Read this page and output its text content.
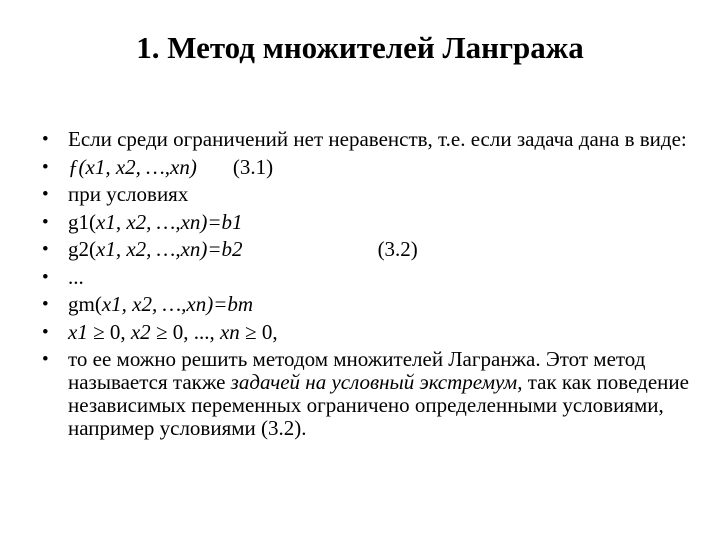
1. Метод множителей Лангража
• Если среди ограничений нет неравенств, т.е. если задача дана в виде:
• ƒ(x1, x2, …,xn) (3.1)
• при условиях
• g1(x1, x2, …,xn)=b1
• g2(x1, x2, …,xn)=b2	(3.2)
• ...
• gm(x1, x2, …,xn)=bm
• x1 ≥ 0, x2 ≥ 0, ..., xn ≥ 0,
• то ее можно решить методом множителей Лагранжа. Этот метод называется также задачей на условный экстремум, так как поведение независимых переменных ограничено определенными условиями, например условиями (3.2).
